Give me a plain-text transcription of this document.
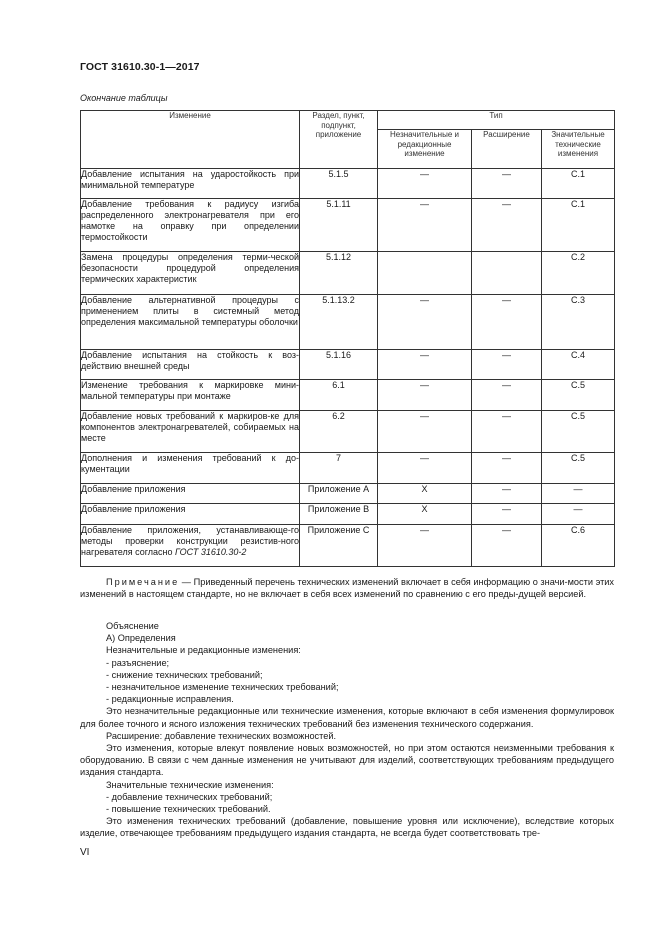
ГОСТ 31610.30-1—2017
Окончание таблицы
Изменение	Раздел, пункт, подпункт, приложение	Тип		
		Незначительные и редакционные изменение	Расширение	Значительные технические изменения
Добавление испытания на ударостойкость при минимальной температуре	5.1.5	—	—	C.1
Добавление требования к радиусу изгиба распределенного электронагревателя при его намотке на оправку при определении термостойкости	5.1.11	—	—	C.1
Замена процедуры определения терми-ческой безопасности процедурой определения термических характеристик	5.1.12			C.2
Добавление альтернативной процедуры с применением плиты в системный метод определения максимальной температуры оболочки	5.1.13.2	—	—	C.3
Добавление испытания на стойкость к воз-действию внешней среды	5.1.16	—	—	C.4
Изменение требования к маркировке мини-мальной температуры при монтаже	6.1	—	—	C.5
Добавление новых требований к маркиров-ке для компонентов электронагревателей, собираемых на месте	6.2	—	—	C.5
Дополнения и изменения требований к до-кументации	7	—	—	C.5
Добавление приложения	Приложение А	X	—	—
Добавление приложения	Приложение В	X	—	—
Добавление приложения, устанавливающе-го методы проверки конструкции резистив-ного нагревателя согласно ГОСТ 31610.30-2	Приложение С	—	—	C.6

Примечание — Приведенный перечень технических изменений включает в себя информацию о значи-мости этих изменений в настоящем стандарте, но не включает в себя всех изменений по сравнению с его преды-дущей версией.

Объяснение

А) Определения

Незначительные и редакционные изменения:

- разъяснение;

- снижение технических требований;

- незначительное изменение технических требований;

- редакционные исправления.

Это незначительные редакционные или технические изменения, которые включают в себя изменения формулировок для более точного и ясного изложения технических требований без изменения технического содержания.

Расширение: добавление технических возможностей.

Это изменения, которые влекут появление новых возможностей, но при этом остаются неизменными требования к оборудованию. В связи с чем данные изменения не учитывают для изделий, соответствующих требованиям предыдущего издания стандарта.

Значительные технические изменения:

- добавление технических требований;

- повышение технических требований.

Это изменения технических требований (добавление, повышение уровня или исключение), вследствие которых изделие, отвечающее требованиям предыдущего издания стандарта, не всегда будет соответствовать тре-

VI
